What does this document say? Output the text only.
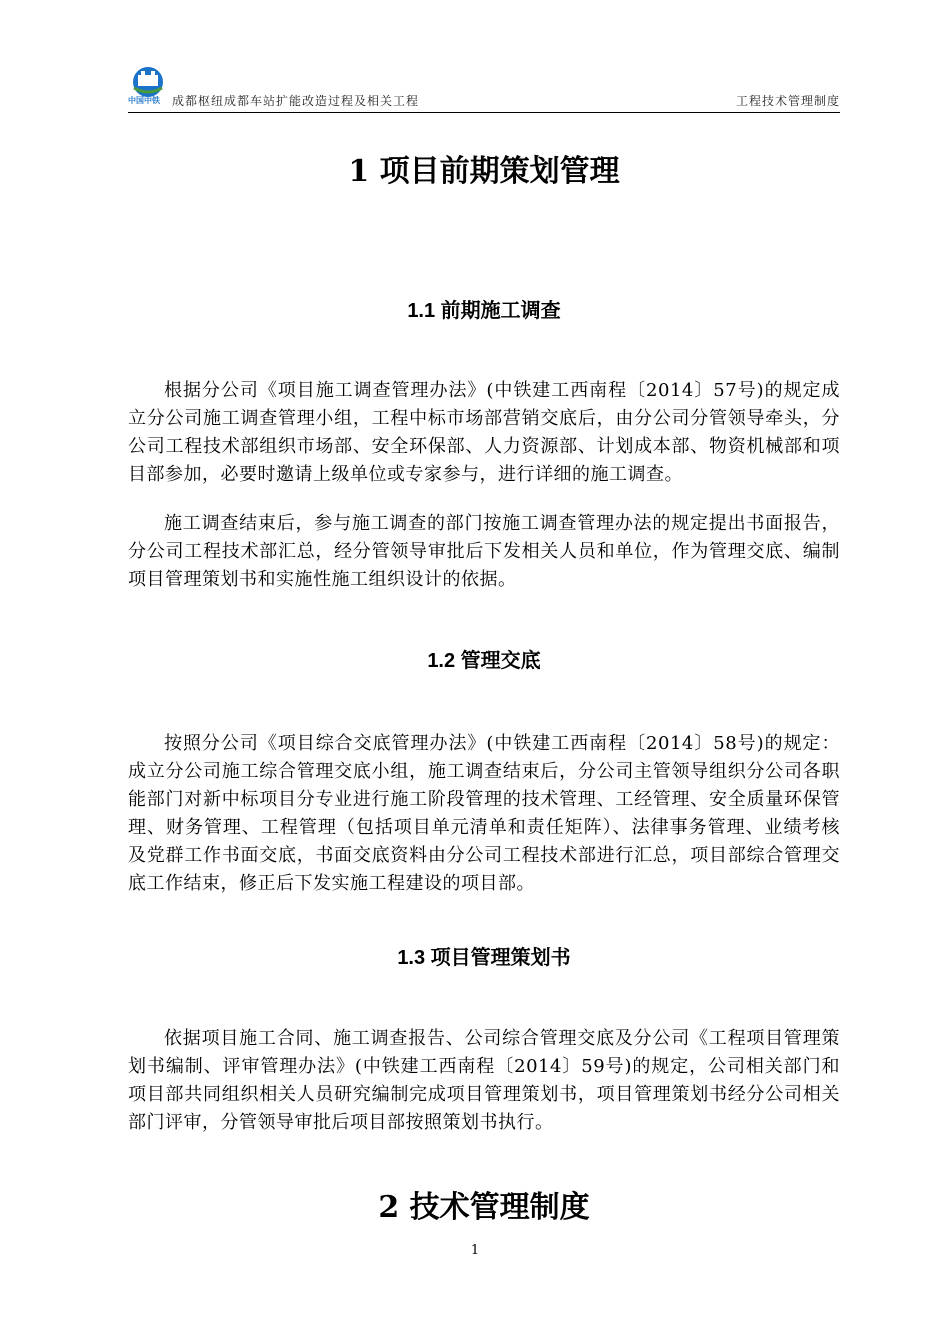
中国中铁 成都枢纽成都车站扩能改造过程及相关工程	工程技术管理制度
1 项目前期策划管理
1.1 前期施工调查
根据分公司《项目施工调查管理办法》(中铁建工西南程〔2014〕57号)的规定成立分公司施工调查管理小组，工程中标市场部营销交底后，由分公司分管领导牵头，分公司工程技术部组织市场部、安全环保部、人力资源部、计划成本部、物资机械部和项目部参加，必要时邀请上级单位或专家参与，进行详细的施工调查。
施工调查结束后，参与施工调查的部门按施工调查管理办法的规定提出书面报告，分公司工程技术部汇总，经分管领导审批后下发相关人员和单位，作为管理交底、编制项目管理策划书和实施性施工组织设计的依据。
1.2 管理交底
按照分公司《项目综合交底管理办法》(中铁建工西南程〔2014〕58号)的规定：成立分公司施工综合管理交底小组，施工调查结束后，分公司主管领导组织分公司各职能部门对新中标项目分专业进行施工阶段管理的技术管理、工经管理、安全质量环保管理、财务管理、工程管理（包括项目单元清单和责任矩阵）、法律事务管理、业绩考核及党群工作书面交底，书面交底资料由分公司工程技术部进行汇总，项目部综合管理交底工作结束，修正后下发实施工程建设的项目部。
1.3 项目管理策划书
依据项目施工合同、施工调查报告、公司综合管理交底及分公司《工程项目管理策划书编制、评审管理办法》(中铁建工西南程〔2014〕59号)的规定，公司相关部门和项目部共同组织相关人员研究编制完成项目管理策划书，项目管理策划书经分公司相关部门评审，分管领导审批后项目部按照策划书执行。
2 技术管理制度
1
